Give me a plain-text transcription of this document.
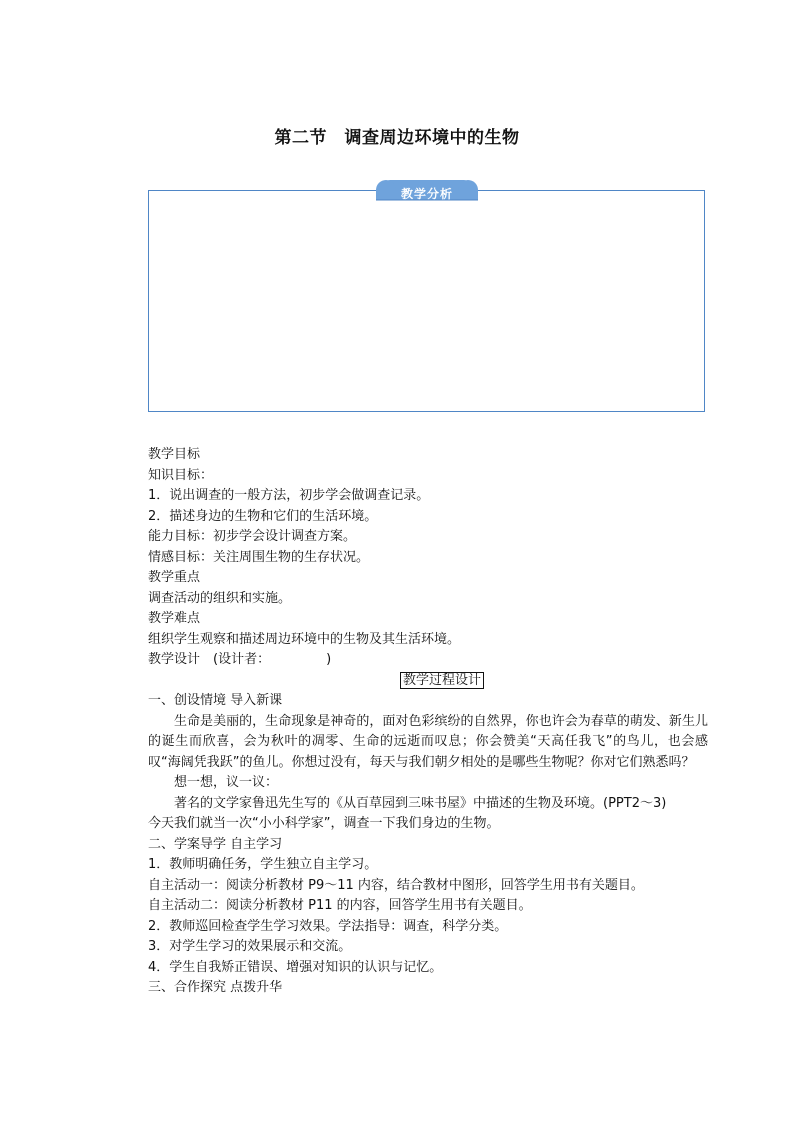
第二节　调查周边环境中的生物
教学分析
教学目标
知识目标：
1．说出调查的一般方法，初步学会做调查记录。
2．描述身边的生物和它们的生活环境。
能力目标：初步学会设计调查方案。
情感目标：关注周围生物的生存状况。
教学重点
调查活动的组织和实施。
教学难点
组织学生观察和描述周边环境中的生物及其生活环境。
教学设计　(设计者：	)
教学过程设计
一、创设情境 导入新课
生命是美丽的，生命现象是神奇的，面对色彩缤纷的自然界，你也许会为春草的萌发、新生儿的诞生而欣喜，会为秋叶的凋零、生命的远逝而叹息；你会赞美“天高任我飞”的鸟儿，也会感叹“海阔凭我跃”的鱼儿。你想过没有，每天与我们朝夕相处的是哪些生物呢？你对它们熟悉吗？
想一想，议一议：
著名的文学家鲁迅先生写的《从百草园到三味书屋》中描述的生物及环境。(PPT2～3)
今天我们就当一次“小小科学家”，调查一下我们身边的生物。
二、学案导学 自主学习
1．教师明确任务，学生独立自主学习。
自主活动一：阅读分析教材 P9～11 内容，结合教材中图形，回答学生用书有关题目。
自主活动二：阅读分析教材 P11 的内容，回答学生用书有关题目。
2．教师巡回检查学生学习效果。学法指导：调查，科学分类。
3．对学生学习的效果展示和交流。
4．学生自我矫正错误、增强对知识的认识与记忆。
三、合作探究 点拨升华
